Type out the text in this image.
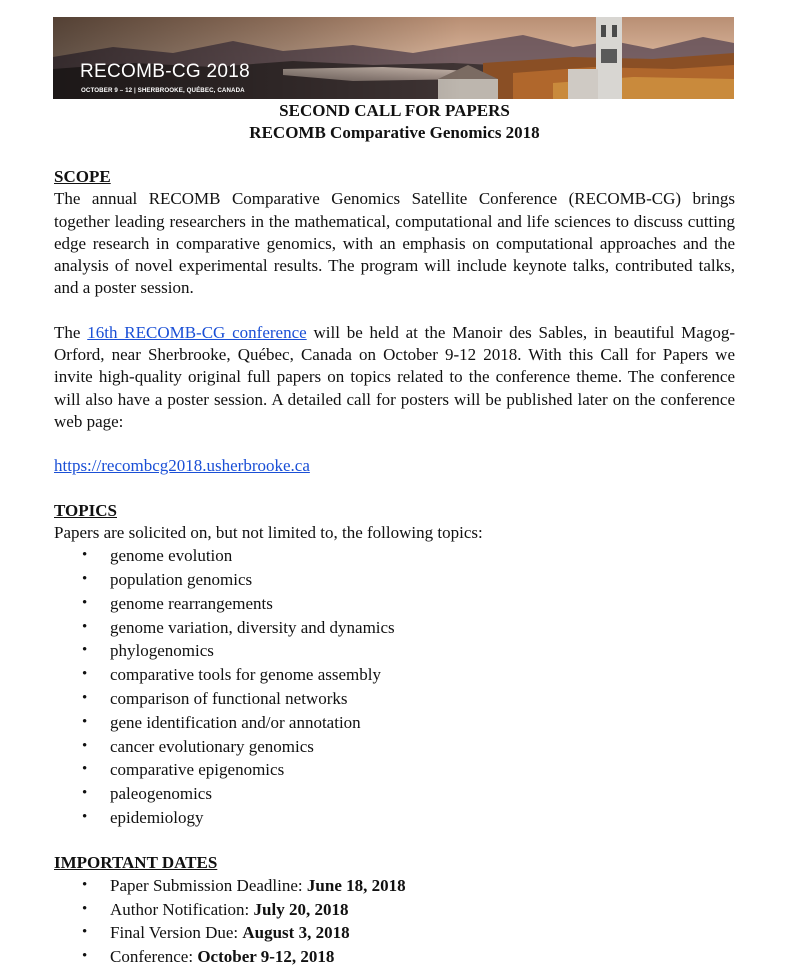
RECOMB-CG 2018
OCTOBER 9 – 12 | SHERBROOKE, QUÉBEC, CANADA
SECOND CALL FOR PAPERS
RECOMB Comparative Genomics 2018
SCOPE
The annual RECOMB Comparative Genomics Satellite Conference (RECOMB-CG) brings together leading researchers in the mathematical, computational and life sciences to discuss cutting edge research in comparative genomics, with an emphasis on computational approaches and the analysis of novel experimental results. The program will include keynote talks, contributed talks, and a poster session.
The 16th RECOMB-CG conference will be held at the Manoir des Sables, in beautiful Magog-Orford, near Sherbrooke, Québec, Canada on October 9-12 2018. With this Call for Papers we invite high-quality original full papers on topics related to the conference theme. The conference will also have a poster session. A detailed call for posters will be published later on the conference web page:
https://recombcg2018.usherbrooke.ca
TOPICS
Papers are solicited on, but not limited to, the following topics:
• genome evolution
• population genomics
• genome rearrangements
• genome variation, diversity and dynamics
• phylogenomics
• comparative tools for genome assembly
• comparison of functional networks
• gene identification and/or annotation
• cancer evolutionary genomics
• comparative epigenomics
• paleogenomics
• epidemiology
IMPORTANT DATES
• Paper Submission Deadline: June 18, 2018
• Author Notification: July 20, 2018
• Final Version Due: August 3, 2018
• Conference: October 9-12, 2018
